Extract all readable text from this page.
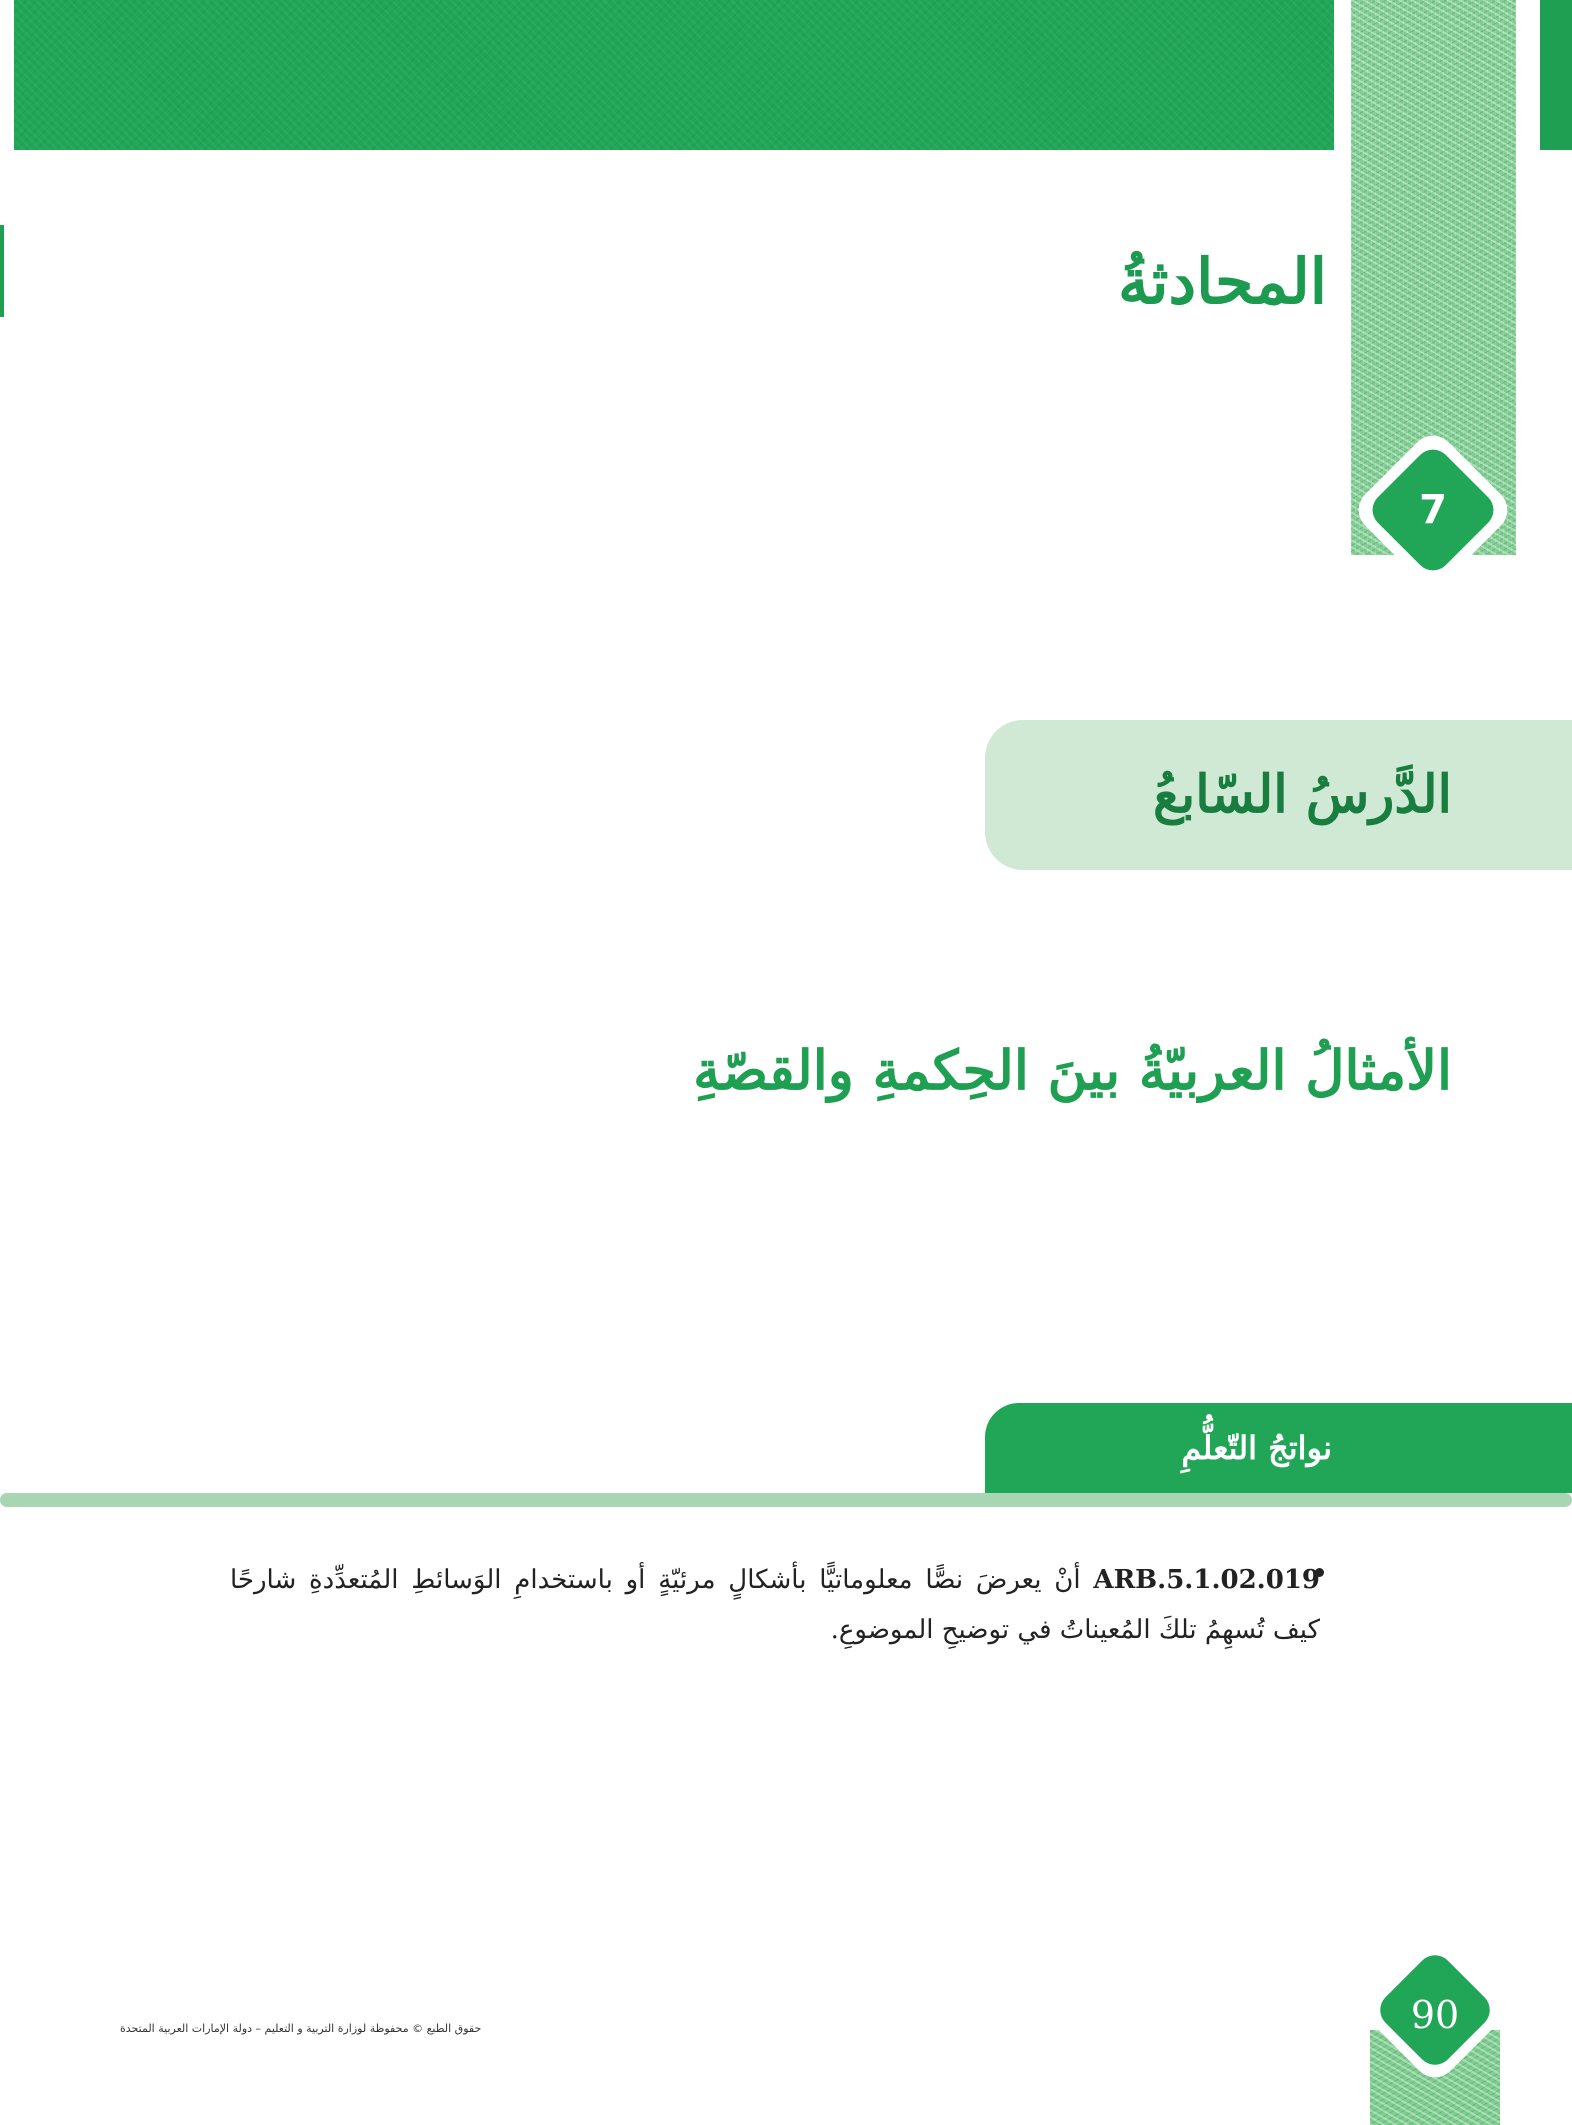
7
المحادثةُ
الدَّرسُ السّابعُ
الأمثالُ العربيّةُ بينَ الحِكمةِ والقصّةِ
نواتجُ التّعلُّمِ
ARB.5.1.02.019 أنْ يعرضَ نصًّا معلوماتيًّا بأشكالٍ مرئيّةٍ أو باستخدامِ الوَسائطِ المُتعدِّدةِ شارحًا كيف تُسهِمُ تلكَ المُعيناتُ في توضيحِ الموضوعِ.
90
حقوق الطبع © محفوظة لوزارة التربية و التعليم – دولة الإمارات العربية المتحدة
